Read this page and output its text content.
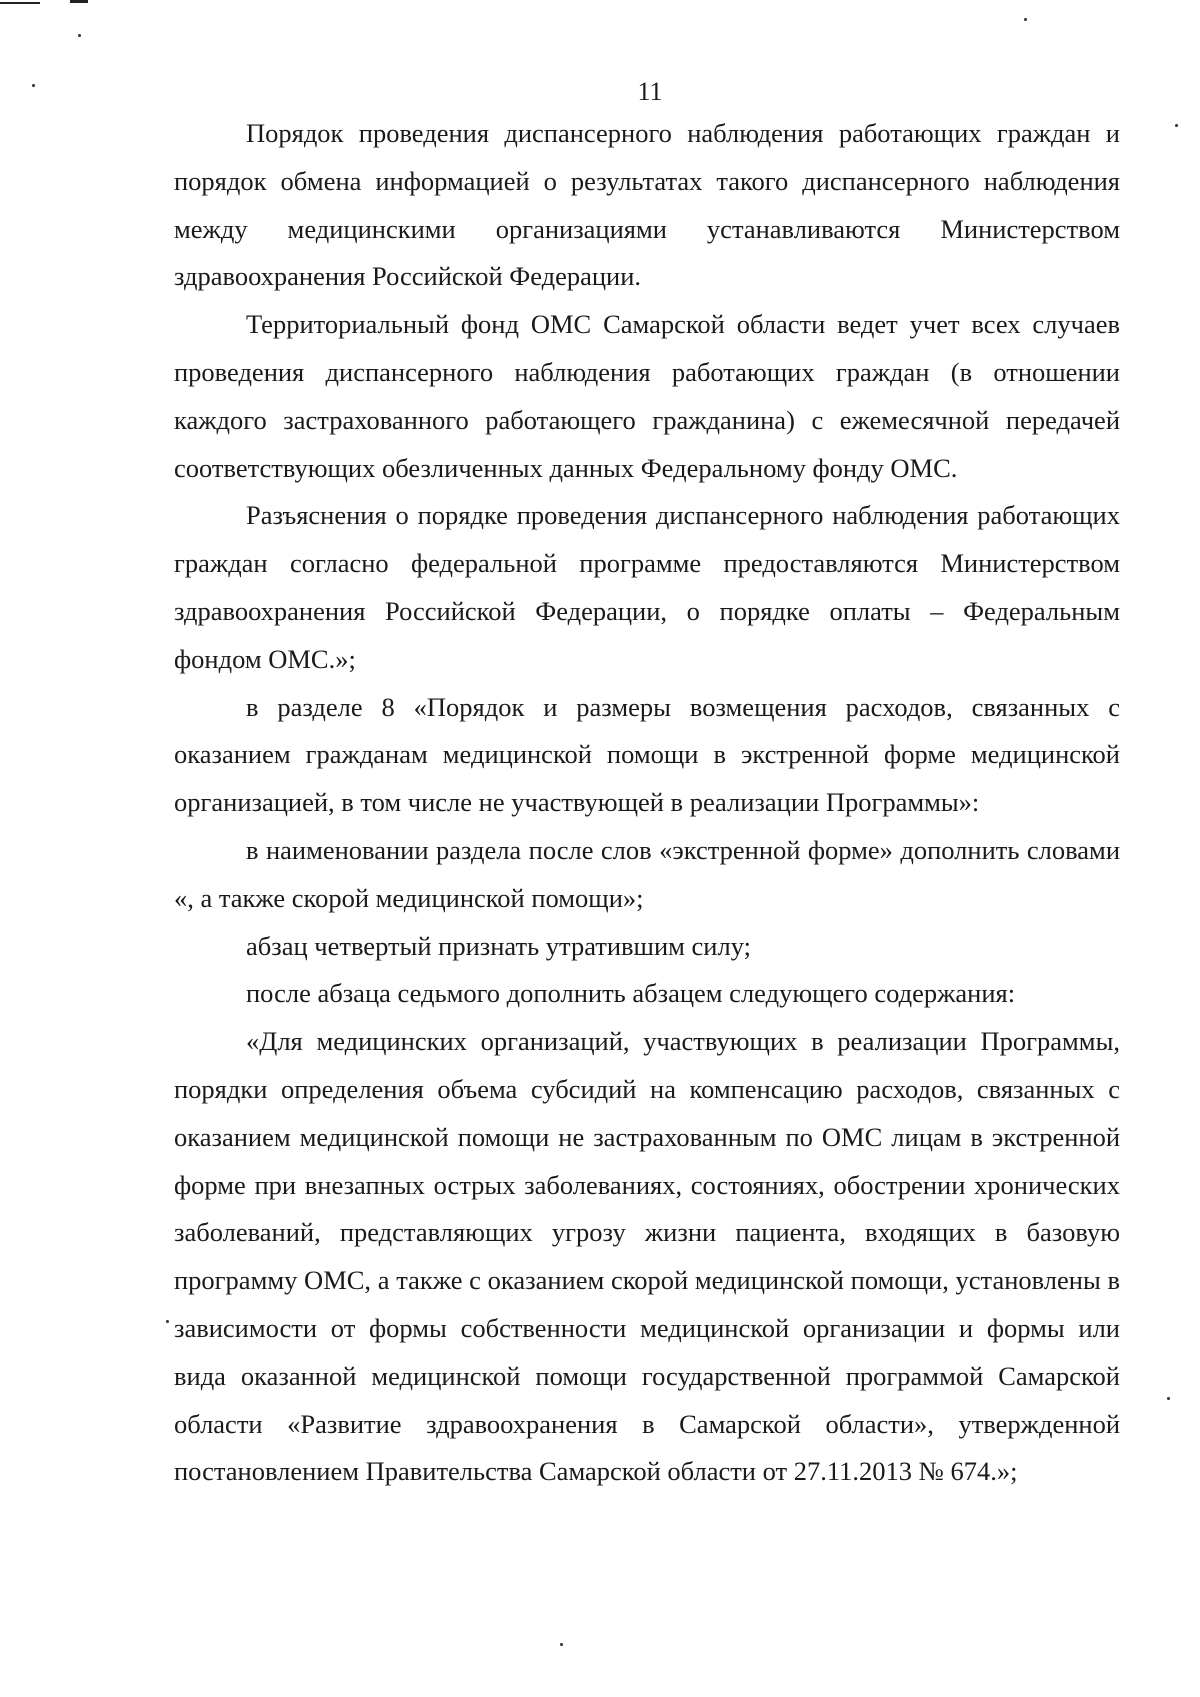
11

Порядок проведения диспансерного наблюдения работающих граждан и порядок обмена информацией о результатах такого диспансерного наблюдения между медицинскими организациями устанавливаются Министерством здравоохранения Российской Федерации.

Территориальный фонд ОМС Самарской области ведет учет всех случаев проведения диспансерного наблюдения работающих граждан (в отношении каждого застрахованного работающего гражданина) с ежемесячной передачей соответствующих обезличенных данных Федеральному фонду ОМС.

Разъяснения о порядке проведения диспансерного наблюдения работающих граждан согласно федеральной программе предоставляются Министерством здравоохранения Российской Федерации, о порядке оплаты – Федеральным фондом ОМС.»;

в разделе 8 «Порядок и размеры возмещения расходов, связанных с оказанием гражданам медицинской помощи в экстренной форме медицинской организацией, в том числе не участвующей в реализации Программы»:

в наименовании раздела после слов «экстренной форме» дополнить словами «, а также скорой медицинской помощи»;

абзац четвертый признать утратившим силу;

после абзаца седьмого дополнить абзацем следующего содержания:

«Для медицинских организаций, участвующих в реализации Программы, порядки определения объема субсидий на компенсацию расходов, связанных с оказанием медицинской помощи не застрахованным по ОМС лицам в экстренной форме при внезапных острых заболеваниях, состояниях, обострении хронических заболеваний, представляющих угрозу жизни пациента, входящих в базовую программу ОМС, а также с оказанием скорой медицинской помощи, установлены в зависимости от формы собственности медицинской организации и формы или вида оказанной медицинской помощи государственной программой Самарской области «Развитие здравоохранения в Самарской области», утвержденной постановлением Правительства Самарской области от 27.11.2013 № 674.»;
